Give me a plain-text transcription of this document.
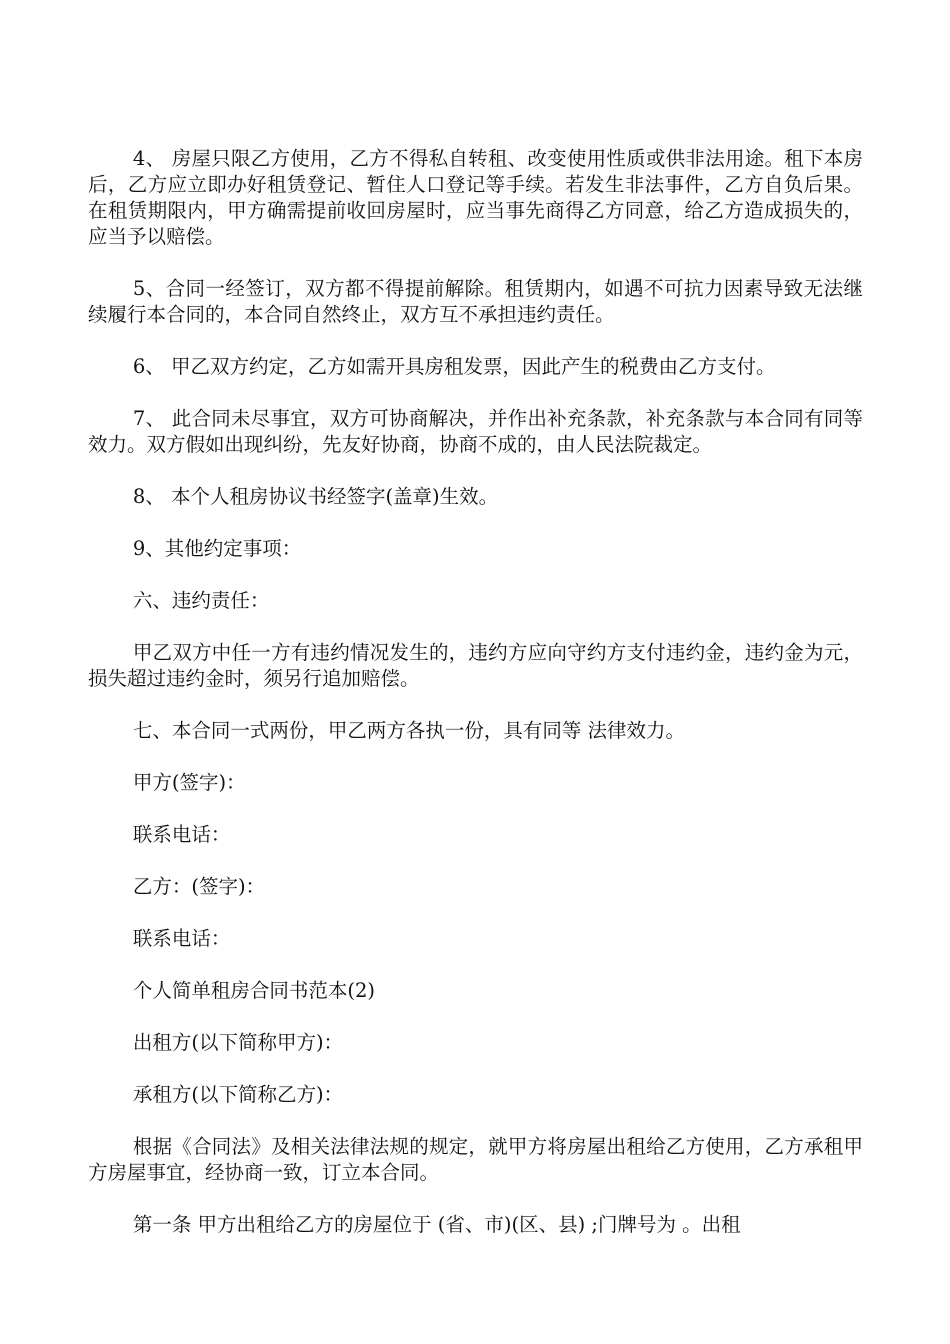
4、 房屋只限乙方使用，乙方不得私自转租、改变使用性质或供非法用途。租下本房后，乙方应立即办好租赁登记、暂住人口登记等手续。若发生非法事件，乙方自负后果。在租赁期限内，甲方确需提前收回房屋时，应当事先商得乙方同意，给乙方造成损失的，应当予以赔偿。

5、合同一经签订，双方都不得提前解除。租赁期内，如遇不可抗力因素导致无法继续履行本合同的，本合同自然终止，双方互不承担违约责任。

6、 甲乙双方约定，乙方如需开具房租发票，因此产生的税费由乙方支付。

7、 此合同未尽事宜，双方可协商解决，并作出补充条款，补充条款与本合同有同等效力。双方假如出现纠纷，先友好协商，协商不成的，由人民法院裁定。

8、 本个人租房协议书经签字(盖章)生效。

9、其他约定事项：

六、违约责任：

甲乙双方中任一方有违约情况发生的，违约方应向守约方支付违约金，违约金为元，损失超过违约金时，须另行追加赔偿。

七、本合同一式两份，甲乙两方各执一份，具有同等 法律效力。

甲方(签字)：

联系电话：

乙方：(签字)：

联系电话：

个人简单租房合同书范本(2)

出租方(以下简称甲方)：

承租方(以下简称乙方)：

根据《合同法》及相关法律法规的规定，就甲方将房屋出租给乙方使用，乙方承租甲方房屋事宜，经协商一致，订立本合同。

第一条 甲方出租给乙方的房屋位于 (省、市)(区、县) ;门牌号为 。出租
